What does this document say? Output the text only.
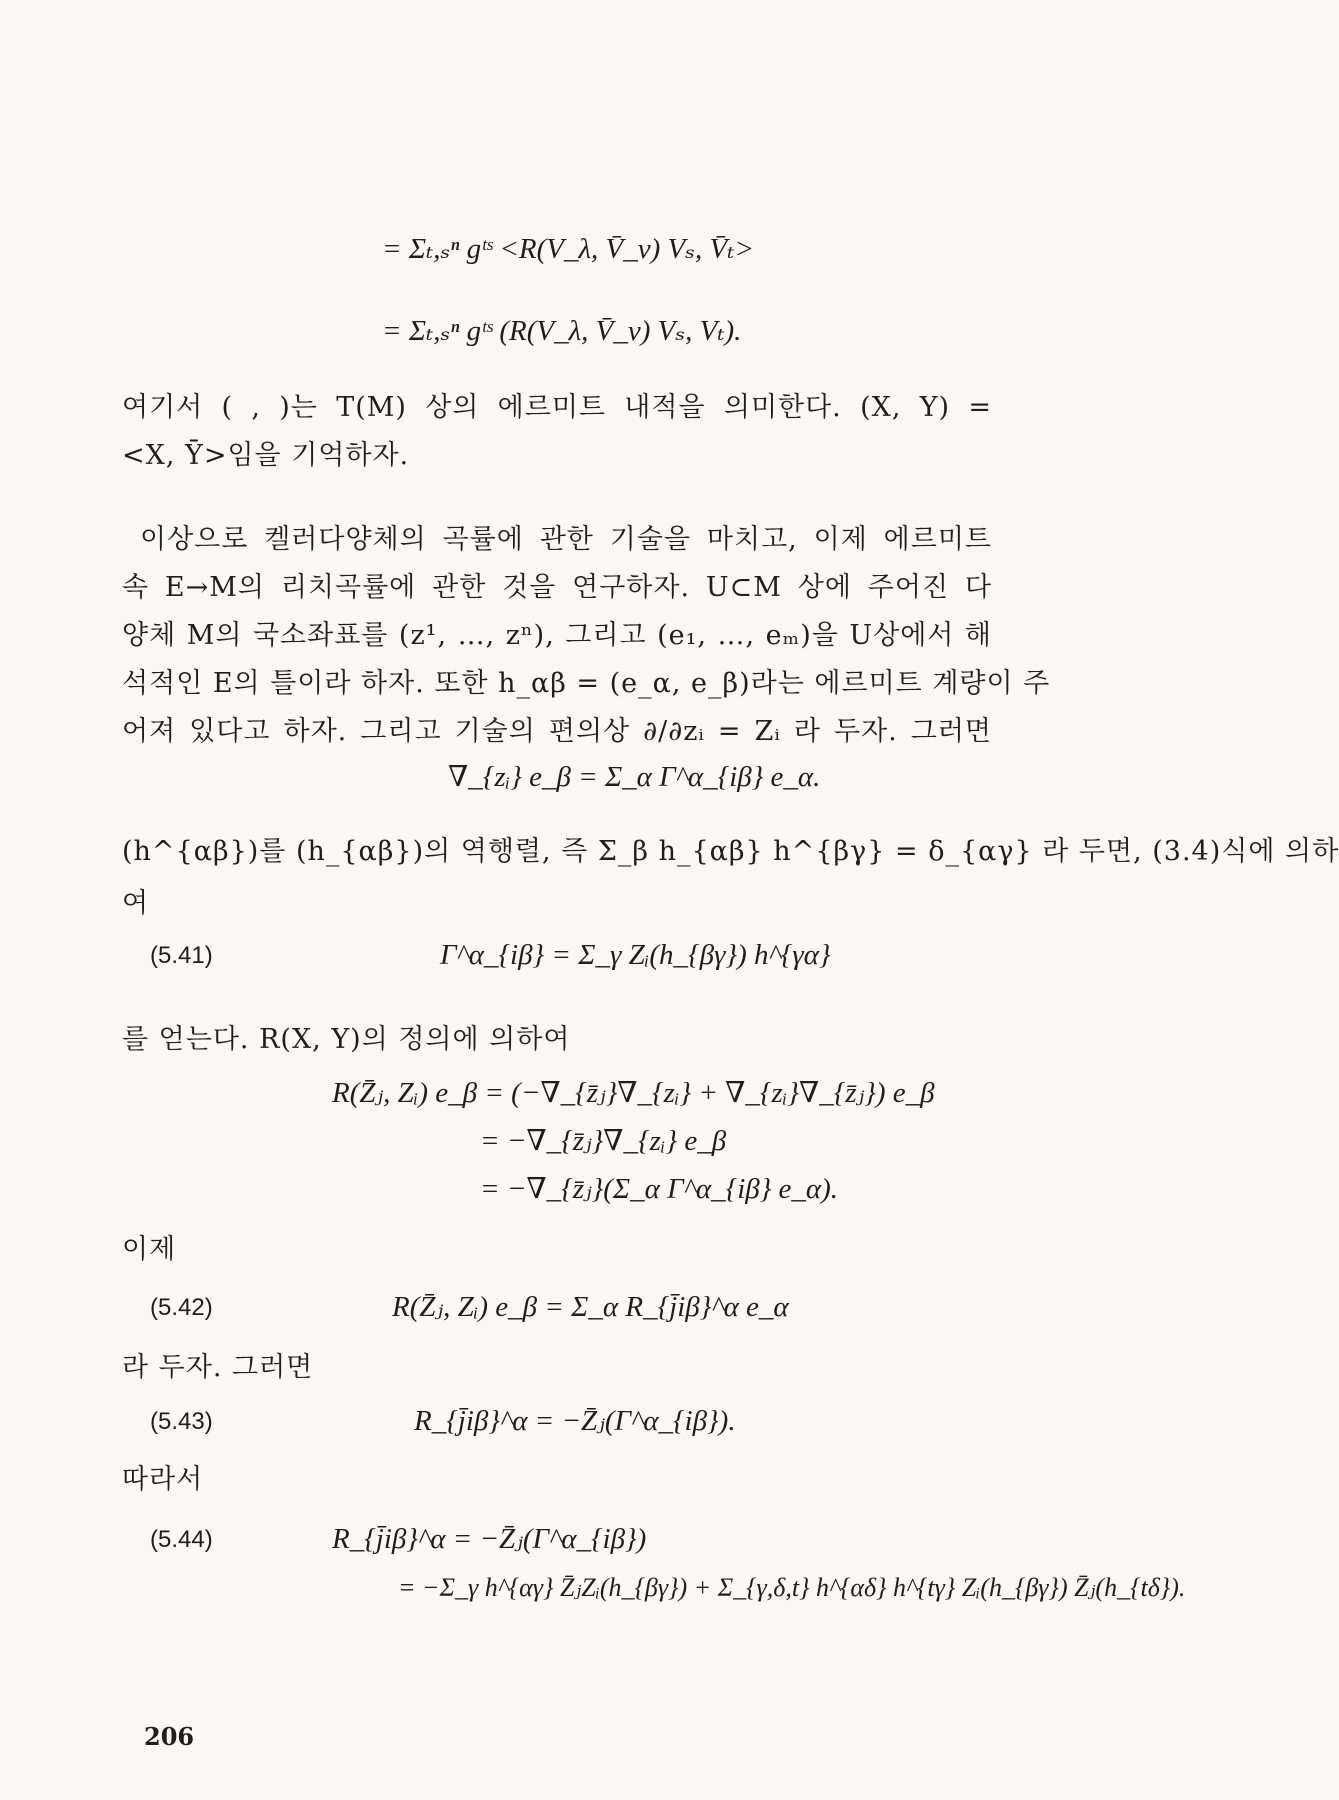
= Σₜ,ₛⁿ gᵗˢ <R(V_λ, V̄_ν) Vₛ, V̄ₜ>
= Σₜ,ₛⁿ gᵗˢ (R(V_λ, V̄_ν) Vₛ, Vₜ).
여기서 ( , )는 T(M) 상의 에르미트 내적을 의미한다. (X, Y) =
<X, Ȳ>임을 기억하자.
이상으로 켈러다양체의 곡률에 관한 기술을 마치고, 이제 에르미트
속 E→M의 리치곡률에 관한 것을 연구하자. U⊂M 상에 주어진 다
양체 M의 국소좌표를 (z¹, …, zⁿ), 그리고 (e₁, …, eₘ)을 U상에서 해
석적인 E의 틀이라 하자. 또한 h_αβ = (e_α, e_β)라는 에르미트 계량이 주
어져 있다고 하자. 그리고 기술의 편의상 ∂/∂zᵢ = Zᵢ 라 두자. 그러면
∇_{zᵢ} e_β = Σ_α Γ^α_{iβ} e_α.
(h^{αβ})를 (h_{αβ})의 역행렬, 즉 Σ_β h_{αβ} h^{βγ} = δ_{αγ} 라 두면, (3.4)식에 의하
여
(5.41)	Γ^α_{iβ} = Σ_γ Zᵢ(h_{βγ}) h^{γα}
를 얻는다. R(X, Y)의 정의에 의하여
R(Z̄ⱼ, Zᵢ) e_β = (−∇_{z̄ⱼ}∇_{zᵢ} + ∇_{zᵢ}∇_{z̄ⱼ}) e_β
= −∇_{z̄ⱼ}∇_{zᵢ} e_β
= −∇_{z̄ⱼ}(Σ_α Γ^α_{iβ} e_α).
이제
(5.42)	R(Z̄ⱼ, Zᵢ) e_β = Σ_α R_{j̄iβ}^α e_α
라 두자. 그러면
(5.43)	R_{j̄iβ}^α = −Z̄ⱼ(Γ^α_{iβ}).
따라서
(5.44)	R_{j̄iβ}^α = −Z̄ⱼ(Γ^α_{iβ})
= −Σ_γ h^{αγ} Z̄ⱼZᵢ(h_{βγ}) + Σ_{γ,δ,t} h^{αδ} h^{tγ} Zᵢ(h_{βγ}) Z̄ⱼ(h_{tδ}).
206
